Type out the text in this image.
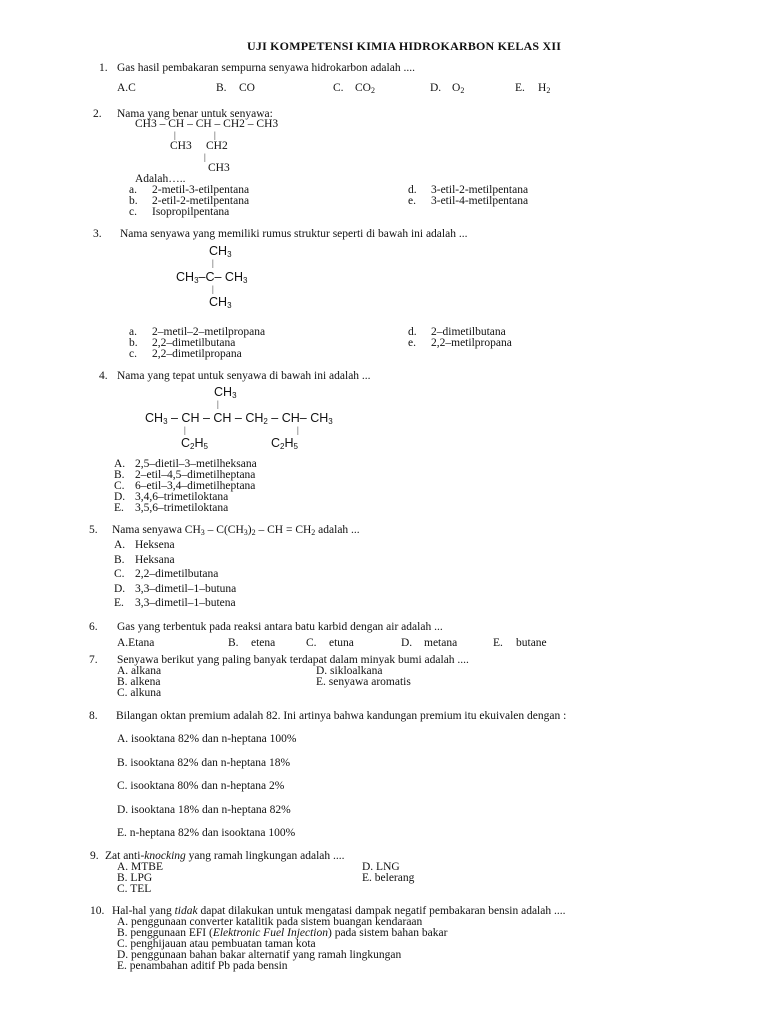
UJI KOMPETENSI KIMIA HIDROKARBON KELAS XII
1. Gas hasil pembakaran sempurna senyawa hidrokarbon adalah ....
A.C	B. CO	C. $CO_2$	D. $O_2$	E. $H_2$
2. Nama yang benar untuk senyawa:
CH3 – CH – CH – CH2 – CH3
|	|
CH3 CH2
|
CH3
Adalah…..
a. 2-metil-3-etilpentana
b. 2-etil-2-metilpentana
c. Isopropilpentana
d. 3-etil-2-metilpentana
e. 3-etil-4-metilpentana
3. Nama senyawa yang memiliki rumus struktur seperti di bawah ini adalah ...
$CH_3$
|
$CH_3-C-$ $CH_3$
|
$CH_3$
a. 2–metil–2–metilpropana
b. 2,2–dimetilbutana
c. 2,2–dimetilpropana
d. 2–dimetilbutana
e. 2,2–metilpropana
4. Nama yang tepat untuk senyawa di bawah ini adalah ...
$CH_3$
|
$CH_3$ – CH – CH – $CH_2 - CH-$ $CH_3$
|	|
$C_2H_5$	$C_2H_5$
A. 2,5–dietil–3–metilheksana
B. 2–etil–4,5–dimetilheptana
C. 6–etil–3,4–dimetilheptana
D. 3,4,6–trimetiloktana
E. 3,5,6–trimetiloktana
5. Nama senyawa $CH_3 - C(CH_3)_2$ – CH = $CH_2$ adalah ...
A. Heksena
B. Heksana
C. 2,2–dimetilbutana
D. 3,3–dimetil–1–butuna
E. 3,3–dimetil–1–butena
6. Gas yang terbentuk pada reaksi antara batu karbid dengan air adalah ...
A.Etana	B. etena	C. etuna	D. metana	E. butane
7. Senyawa berikut yang paling banyak terdapat dalam minyak bumi adalah ....
A. alkana
B. alkena
C. alkuna
D. sikloalkana
E. senyawa aromatis
8. Bilangan oktan premium adalah 82. Ini artinya bahwa kandungan premium itu ekuivalen dengan :
A. isooktana 82% dan n-heptana 100%
B. isooktana 82% dan n-heptana 18%
C. isooktana 80% dan n-heptana 2%
D. isooktana 18% dan n-heptana 82%
E. n-heptana 82% dan isooktana 100%
9. Zat anti-knocking yang ramah lingkungan adalah ....
A. MTBE
B. LPG
C. TEL
D. LNG
E. belerang
10. Hal-hal yang tidak dapat dilakukan untuk mengatasi dampak negatif pembakaran bensin adalah ....
A. penggunaan converter katalitik pada sistem buangan kendaraan
B. penggunaan EFI (Elektronic Fuel Injection) pada sistem bahan bakar
C. penghijauan atau pembuatan taman kota
D. penggunaan bahan bakar alternatif yang ramah lingkungan
E. penambahan aditif Pb pada bensin
